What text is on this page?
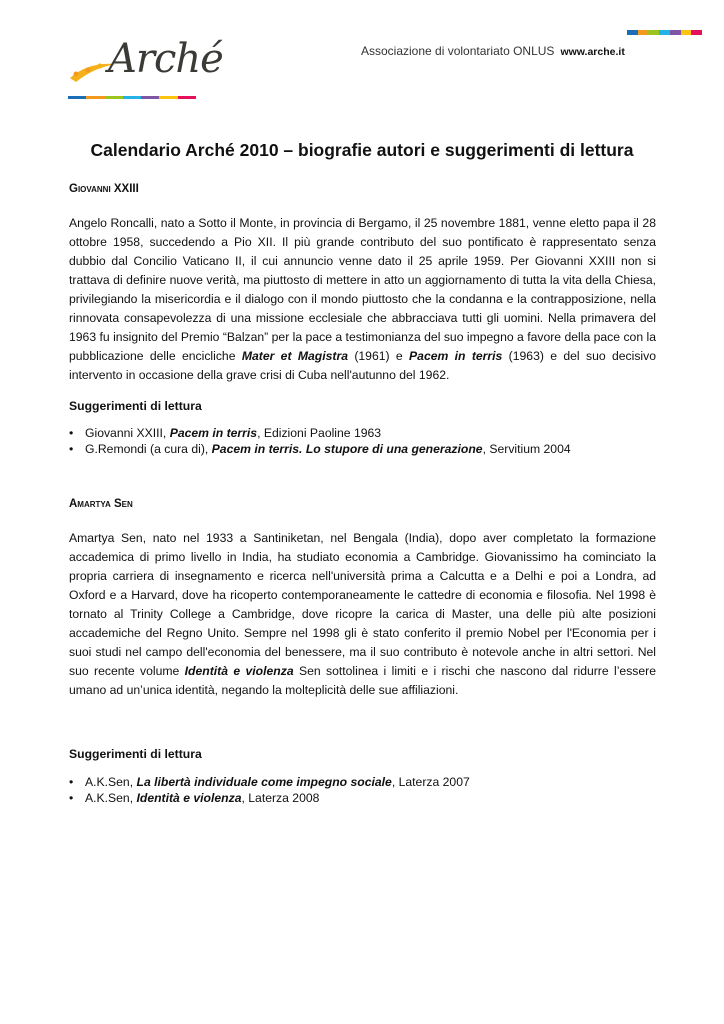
Arché	Associazione di volontariato ONLUS www.arche.it
Calendario Arché 2010 – biografie autori e suggerimenti di lettura
Giovanni XXIII

Angelo Roncalli, nato a Sotto il Monte, in provincia di Bergamo, il 25 novembre 1881, venne eletto papa il 28 ottobre 1958, succedendo a Pio XII. Il più grande contributo del suo pontificato è rappresentato senza dubbio dal Concilio Vaticano II, il cui annuncio venne dato il 25 aprile 1959. Per Giovanni XXIII non si trattava di definire nuove verità, ma piuttosto di mettere in atto un aggiornamento di tutta la vita della Chiesa, privilegiando la misericordia e il dialogo con il mondo piuttosto che la condanna e la contrapposizione, nella rinnovata consapevolezza di una missione ecclesiale che abbracciava tutti gli uomini. Nella primavera del 1963 fu insignito del Premio “Balzan” per la pace a testimonianza del suo impegno a favore della pace con la pubblicazione delle encicliche Mater et Magistra (1961) e Pacem in terris (1963) e del suo decisivo intervento in occasione della grave crisi di Cuba nell'autunno del 1962.

Suggerimenti di lettura
• Giovanni XXIII, Pacem in terris, Edizioni Paoline 1963
• G.Remondi (a cura di), Pacem in terris. Lo stupore di una generazione, Servitium 2004
Amartya Sen

Amartya Sen, nato nel 1933 a Santiniketan, nel Bengala (India), dopo aver completato la formazione accademica di primo livello in India, ha studiato economia a Cambridge. Giovanissimo ha cominciato la propria carriera di insegnamento e ricerca nell'università prima a Calcutta e a Delhi e poi a Londra, ad Oxford e a Harvard, dove ha ricoperto contemporaneamente le cattedre di economia e filosofia. Nel 1998 è tornato al Trinity College a Cambridge, dove ricopre la carica di Master, una delle più alte posizioni accademiche del Regno Unito. Sempre nel 1998 gli è stato conferito il premio Nobel per l'Economia per i suoi studi nel campo dell'economia del benessere, ma il suo contributo è notevole anche in altri settori. Nel suo recente volume Identità e violenza Sen sottolinea i limiti e i rischi che nascono dal ridurre l’essere umano ad un’unica identità, negando la molteplicità delle sue affiliazioni.

Suggerimenti di lettura
• A.K.Sen, La libertà individuale come impegno sociale, Laterza 2007
• A.K.Sen, Identità e violenza, Laterza 2008
